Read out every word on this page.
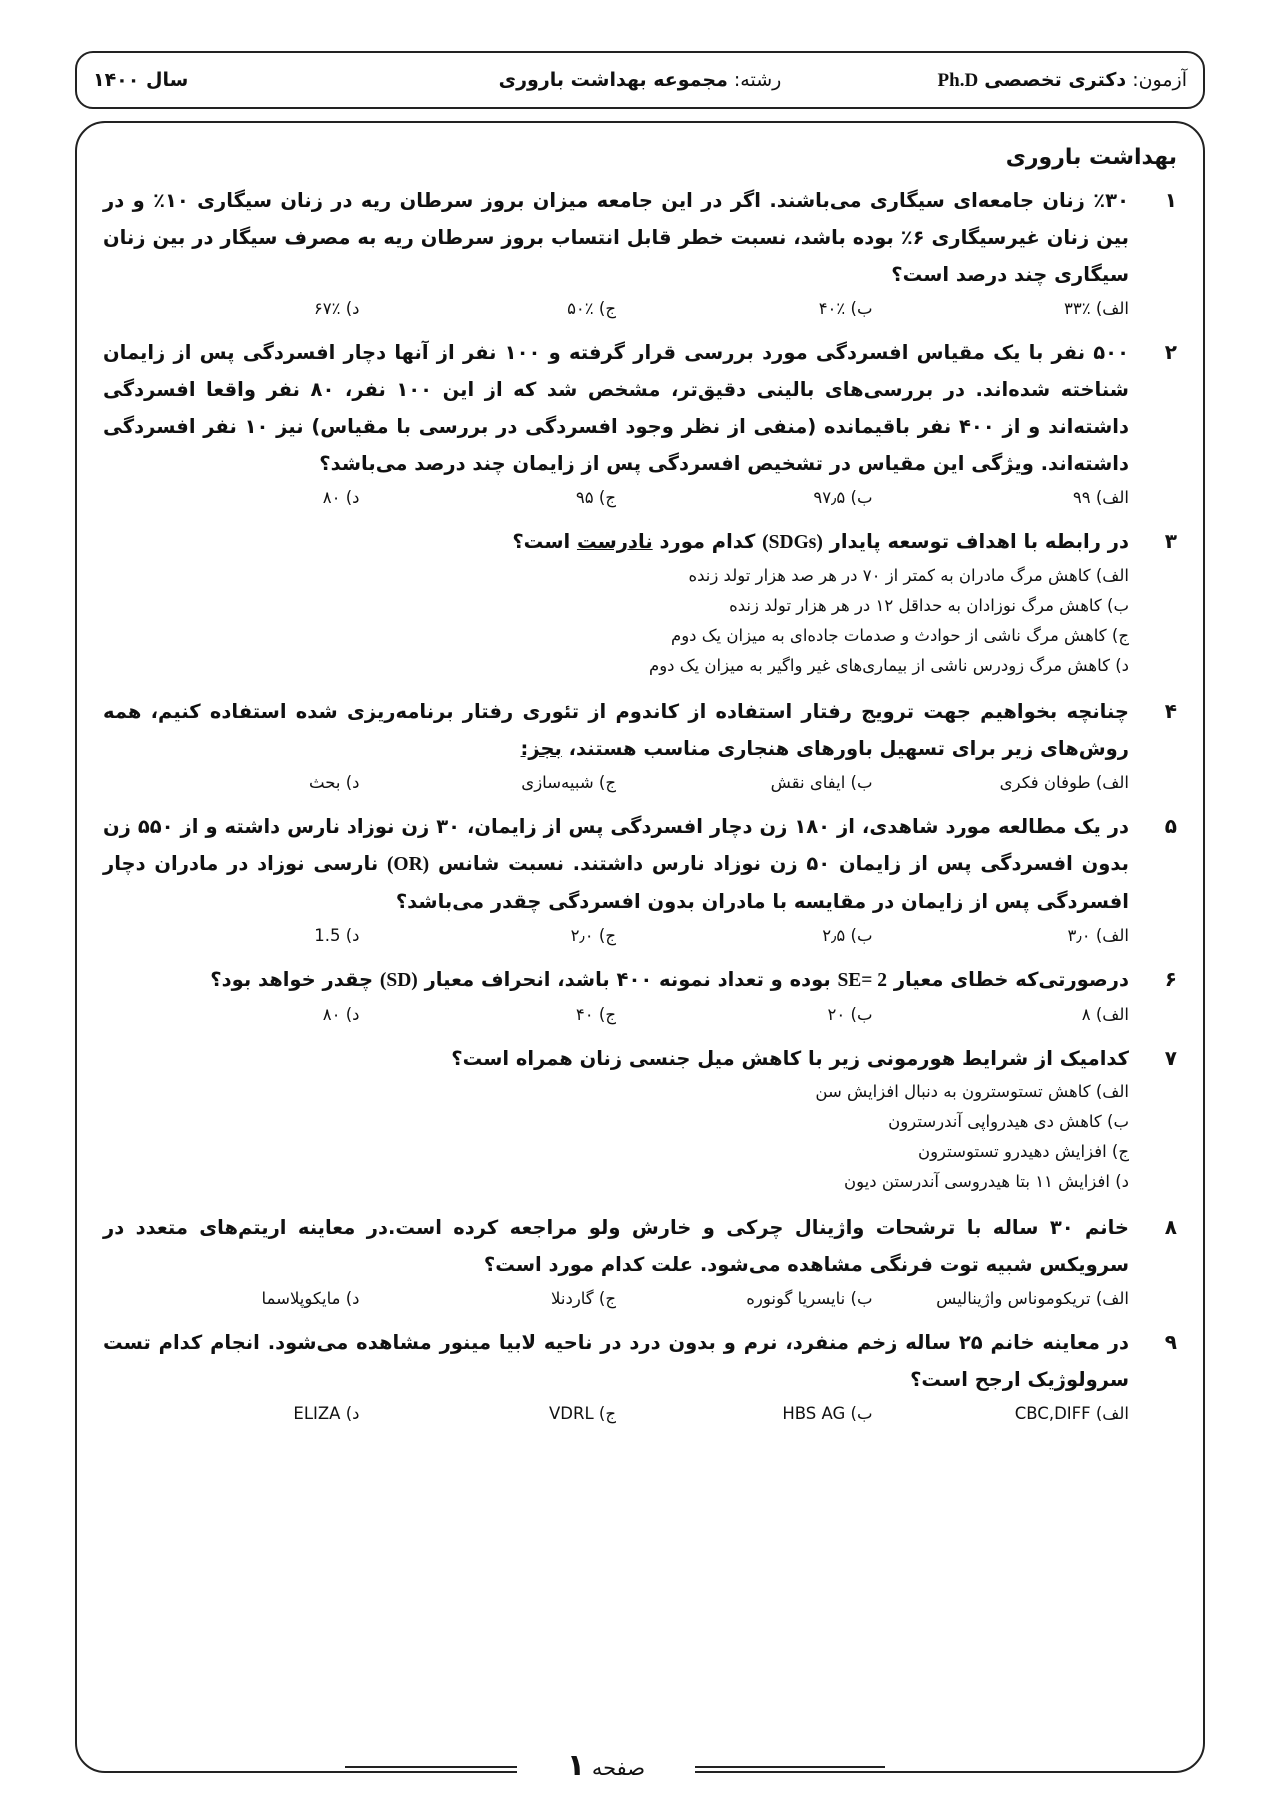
آزمون: دکتری تخصصی Ph.D
رشته: مجموعه بهداشت باروری
سال ۱۴۰۰
بهداشت باروری
۱
٪۳۰ زنان جامعه‌ای سیگاری می‌باشند. اگر در این جامعه میزان بروز سرطان ریه در زنان سیگاری ۱۰٪ و در بین زنان غیرسیگاری ۶٪ بوده باشد، نسبت خطر قابل انتساب بروز سرطان ریه به مصرف سیگار در بین زنان سیگاری چند درصد است؟
الف) ٪۳۳
ب) ٪۴۰
ج) ٪۵۰
د) ٪۶۷
۲
۵۰۰ نفر با یک مقیاس افسردگی مورد بررسی قرار گرفته و ۱۰۰ نفر از آنها دچار افسردگی پس از زایمان شناخته شده‌اند. در بررسی‌های بالینی دقیق‌تر، مشخص شد که از این ۱۰۰ نفر، ۸۰ نفر واقعا افسردگی داشته‌اند و از ۴۰۰ نفر باقیمانده (منفی از نظر وجود افسردگی در بررسی با مقیاس) نیز ۱۰ نفر افسردگی داشته‌اند. ویژگی این مقیاس در تشخیص افسردگی پس از زایمان چند درصد می‌باشد؟
الف) ۹۹
ب) ۹۷٫۵
ج) ۹۵
د) ۸۰
۳
در رابطه با اهداف توسعه پایدار (SDGs) کدام مورد نادرست است؟
الف) کاهش مرگ مادران به کمتر از ۷۰ در هر صد هزار تولد زنده
ب) کاهش مرگ نوزادان به حداقل ۱۲ در هر هزار تولد زنده
ج) کاهش مرگ ناشی از حوادث و صدمات جاده‌ای به میزان یک دوم
د) کاهش مرگ زودرس ناشی از بیماری‌های غیر واگیر به میزان یک دوم
۴
چنانچه بخواهیم جهت ترویج رفتار استفاده از کاندوم از تئوری رفتار برنامه‌ریزی شده استفاده کنیم، همه روش‌های زیر برای تسهیل باورهای هنجاری مناسب هستند، بجز:
الف) طوفان فکری
ب) ایفای نقش
ج) شبیه‌سازی
د) بحث
۵
در یک مطالعه مورد شاهدی، از ۱۸۰ زن دچار افسردگی پس از زایمان، ۳۰ زن نوزاد نارس داشته و از ۵۵۰ زن بدون افسردگی پس از زایمان ۵۰ زن نوزاد نارس داشتند. نسبت شانس (OR) نارسی نوزاد در مادران دچار افسردگی پس از زایمان در مقایسه با مادران بدون افسردگی چقدر می‌باشد؟
الف) ۳٫۰
ب) ۲٫۵
ج) ۲٫۰
د) 1.5
۶
درصورتی‌که خطای معیار SE= 2 بوده و تعداد نمونه ۴۰۰ باشد، انحراف معیار (SD) چقدر خواهد بود؟
الف) ۸
ب) ۲۰
ج) ۴۰
د) ۸۰
۷
کدامیک از شرایط هورمونی زیر با کاهش میل جنسی زنان همراه است؟
الف) کاهش تستوسترون به دنبال افزایش سن
ب) کاهش دی هیدرواپی آندرسترون
ج) افزایش دهیدرو تستوسترون
د) افزایش ۱۱ بتا هیدروسی آندرستن دیون
۸
خانم ۳۰ ساله با ترشحات واژینال چرکی و خارش ولو مراجعه کرده است.در معاینه اریتم‌های متعدد در سرویکس شبیه توت فرنگی مشاهده می‌شود. علت کدام مورد است؟
الف) تریکوموناس واژینالیس
ب) نایسریا گونوره
ج) گاردنلا
د) مایکوپلاسما
۹
در معاینه خانم ۲۵ ساله زخم منفرد، نرم و بدون درد در ناحیه لابیا مینور مشاهده می‌شود. انجام کدام تست سرولوژیک ارجح است؟
الف) CBC,DIFF
ب) HBS AG
ج) VDRL
د) ELIZA
صفحه ۱
